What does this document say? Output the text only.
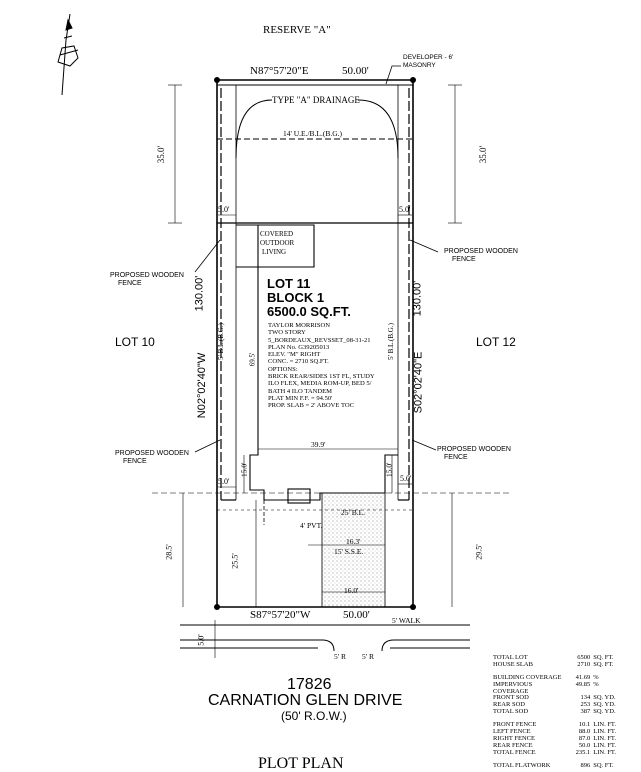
RESERVE "A"
N87°57'20"E	50.00'
DEVELOPER - 6'
MASONRY
TYPE "A" DRAINAGE
14' U.E./B.L.(B.G.)
35.0'	35.0'
5.0'	5.0'
COVERED
OUTDOOR
LIVING
PROPOSED WOODEN
FENCE
PROPOSED WOODEN
FENCE
LOT 11
BLOCK 1
6500.0 SQ.FT.
LOT 10	LOT 12
N02°02'40"W
130.00'
S02°02'40"E
130.00'
5' B.L.(B.G.)	5' B.L.(B.G.)
69.5'
TAYLOR MORRISON
TWO STORY
5_BORDEAUX_REVSSET_08-31-21
PLAN No. G39205013
ELEV. "M" RIGHT
CONC. = 2710 SQ.FT.
OPTIONS:
BRICK REAR/SIDES 1ST FL, STUDY
ILO FLEX, MEDIA ROM-UP, BED 5/
BATH 4 ILO TANDEM
PLAT MIN F.F. = 94.50'
PROP. SLAB = 2' ABOVE TOC
PROPOSED WOODEN
FENCE
PROPOSED WOODEN
FENCE
39.9'
15.0'	15.0'
5.0'	5.0'
25' B.L.
4' PVT.
16.3'
15' S.S.E.
28.5'
25.5'
29.5'
16.0'
S87°57'20"W	50.00'	5' WALK
5.0'
5' R 5' R
17826
CARNATION GLEN DRIVE
(50' R.O.W.)
PLOT PLAN
TOTAL LOT	6500 SQ. FT.
HOUSE SLAB	2710 SQ. FT.
BUILDING COVERAGE	41.69 %
IMPERVIOUS COVERAGE
49.85 %
FRONT SOD	134 SQ. YD.
REAR SOD	253 SQ. YD.
TOTAL SOD	387 SQ. YD.
FRONT FENCE	10.1 LIN. FT.
LEFT FENCE	88.0 LIN. FT.
RIGHT FENCE	87.0 LIN. FT.
REAR FENCE	50.0 LIN. FT.
TOTAL FENCE	235.1 LIN. FT.
TOTAL FLATWORK	896 SQ. FT.
